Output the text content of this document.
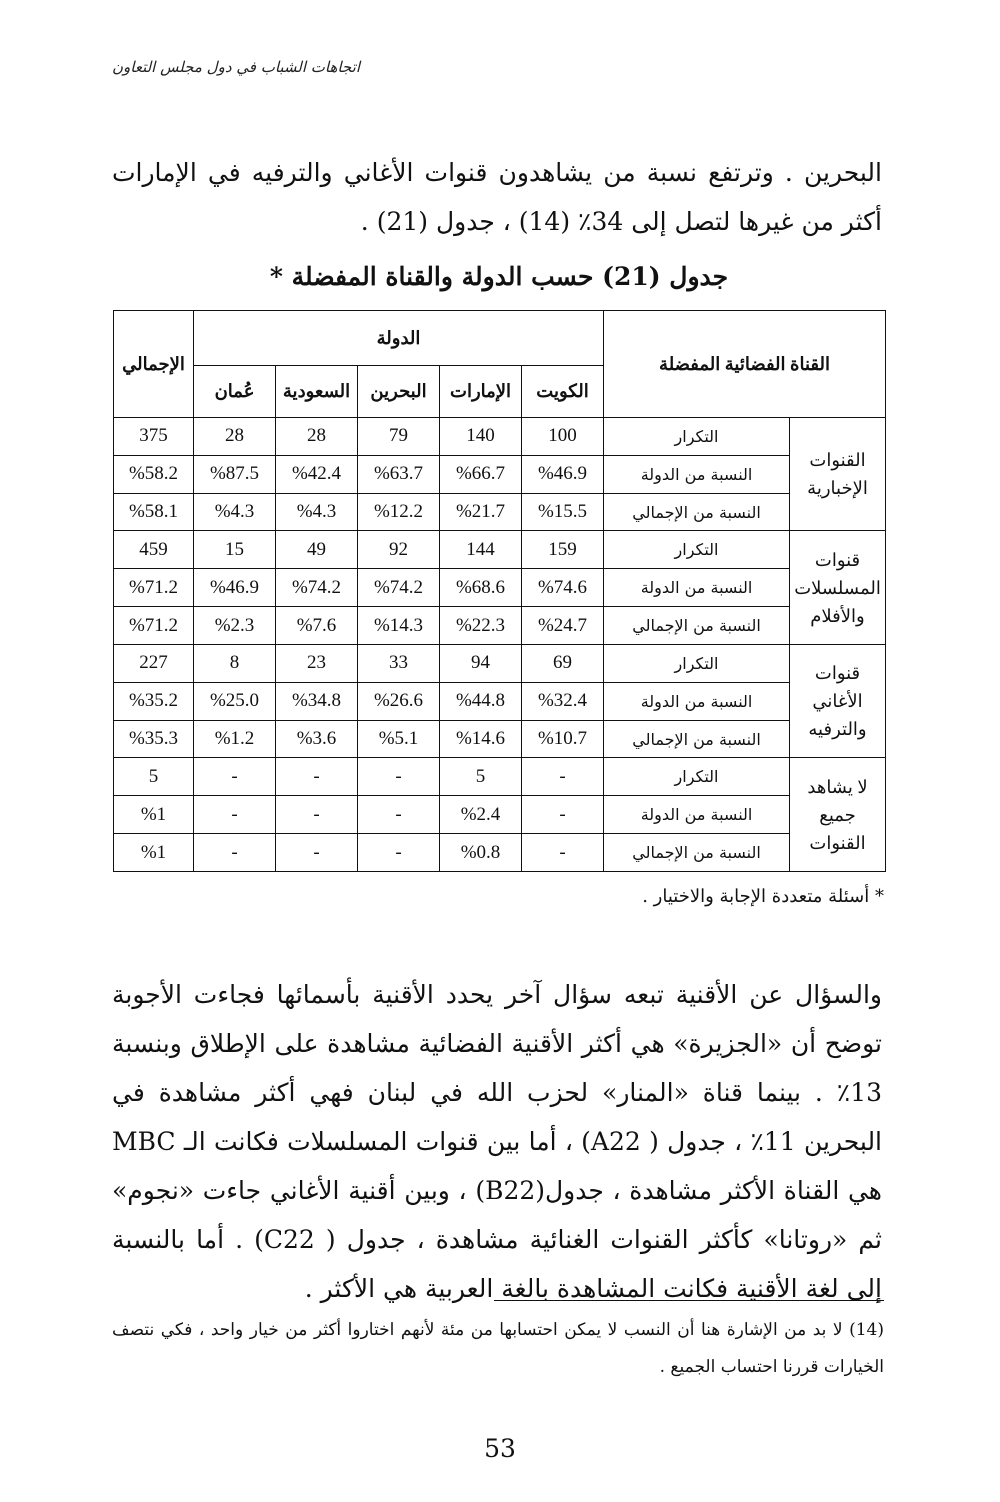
اتجاهات الشباب في دول مجلس التعاون

البحرين . وترتفع نسبة من يشاهدون قنوات الأغاني والترفيه في الإمارات أكثر من غيرها لتصل إلى 34٪ (14) ، جدول (21) .

جدول (21) حسب الدولة والقناة المفضلة *
القناة الفضائية المفضلة		الدولة					الإجمالي
		الكويت	الإمارات	البحرين	السعودية	عُمان	
القنوات الإخبارية	التكرار	100	140	79	28	28	375
	النسبة من الدولة	%46.9	%66.7	%63.7	%42.4	%87.5	%58.2
	النسبة من الإجمالي	%15.5	%21.7	%12.2	%4.3	%4.3	%58.1
قنوات المسلسلات والأفلام	التكرار	159	144	92	49	15	459
	النسبة من الدولة	%74.6	%68.6	%74.2	%74.2	%46.9	%71.2
	النسبة من الإجمالي	%24.7	%22.3	%14.3	%7.6	%2.3	%71.2
قنوات الأغاني والترفيه	التكرار	69	94	33	23	8	227
	النسبة من الدولة	%32.4	%44.8	%26.6	%34.8	%25.0	%35.2
	النسبة من الإجمالي	%10.7	%14.6	%5.1	%3.6	%1.2	%35.3
لا يشاهد جميع القنوات	التكرار	-	5	-	-	-	5
	النسبة من الدولة	-	%2.4	-	-	-	%1
	النسبة من الإجمالي	-	%0.8	-	-	-	%1
* أسئلة متعددة الإجابة والاختيار .

والسؤال عن الأقنية تبعه سؤال آخر يحدد الأقنية بأسمائها فجاءت الأجوبة توضح أن «الجزيرة» هي أكثر الأقنية الفضائية مشاهدة على الإطلاق وبنسبة 13٪ . بينما قناة «المنار» لحزب الله في لبنان فهي أكثر مشاهدة في البحرين 11٪ ، جدول ( A22) ، أما بين قنوات المسلسلات فكانت الـ MBC هي القناة الأكثر مشاهدة ، جدول(B22) ، وبين أقنية الأغاني جاءت «نجوم» ثم «روتانا» كأكثر القنوات الغنائية مشاهدة ، جدول ( C22) . أما بالنسبة إلى لغة الأقنية فكانت المشاهدة بالغة العربية هي الأكثر .

(14) لا بد من الإشارة هنا أن النسب لا يمكن احتسابها من مئة لأنهم اختاروا أكثر من خيار واحد ، فكي نتصف الخيارات قررنا احتساب الجميع .

53
